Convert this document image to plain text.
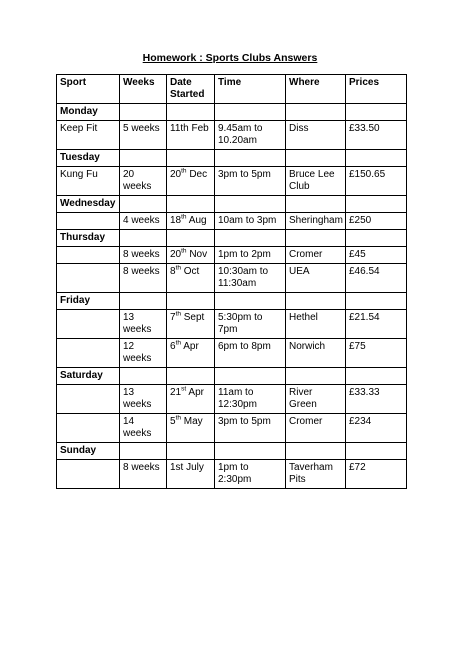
Homework : Sports Clubs Answers
Sport	Weeks	Date Started	Time	Where	Prices
Monday					
Keep Fit	5 weeks	11th Feb	9.45am to 10.20am	Diss	£33.50
Tuesday					
Kung Fu	20 weeks	20th Dec	3pm to 5pm	Bruce Lee Club	£150.65
Wednesday					
	4 weeks	18th Aug	10am to 3pm	Sheringham	£250
Thursday					
	8 weeks	20th Nov	1pm to 2pm	Cromer	£45
	8 weeks	8th Oct	10:30am to 11:30am	UEA	£46.54
Friday					
	13 weeks	7th Sept	5:30pm to 7pm	Hethel	£21.54
	12 weeks	6th Apr	6pm to 8pm	Norwich	£75
Saturday					
	13 weeks	21st Apr	11am to 12:30pm	River Green	£33.33
	14 weeks	5th May	3pm to 5pm	Cromer	£234
Sunday					
	8 weeks	1st July	1pm to 2:30pm	Taverham Pits	£72
